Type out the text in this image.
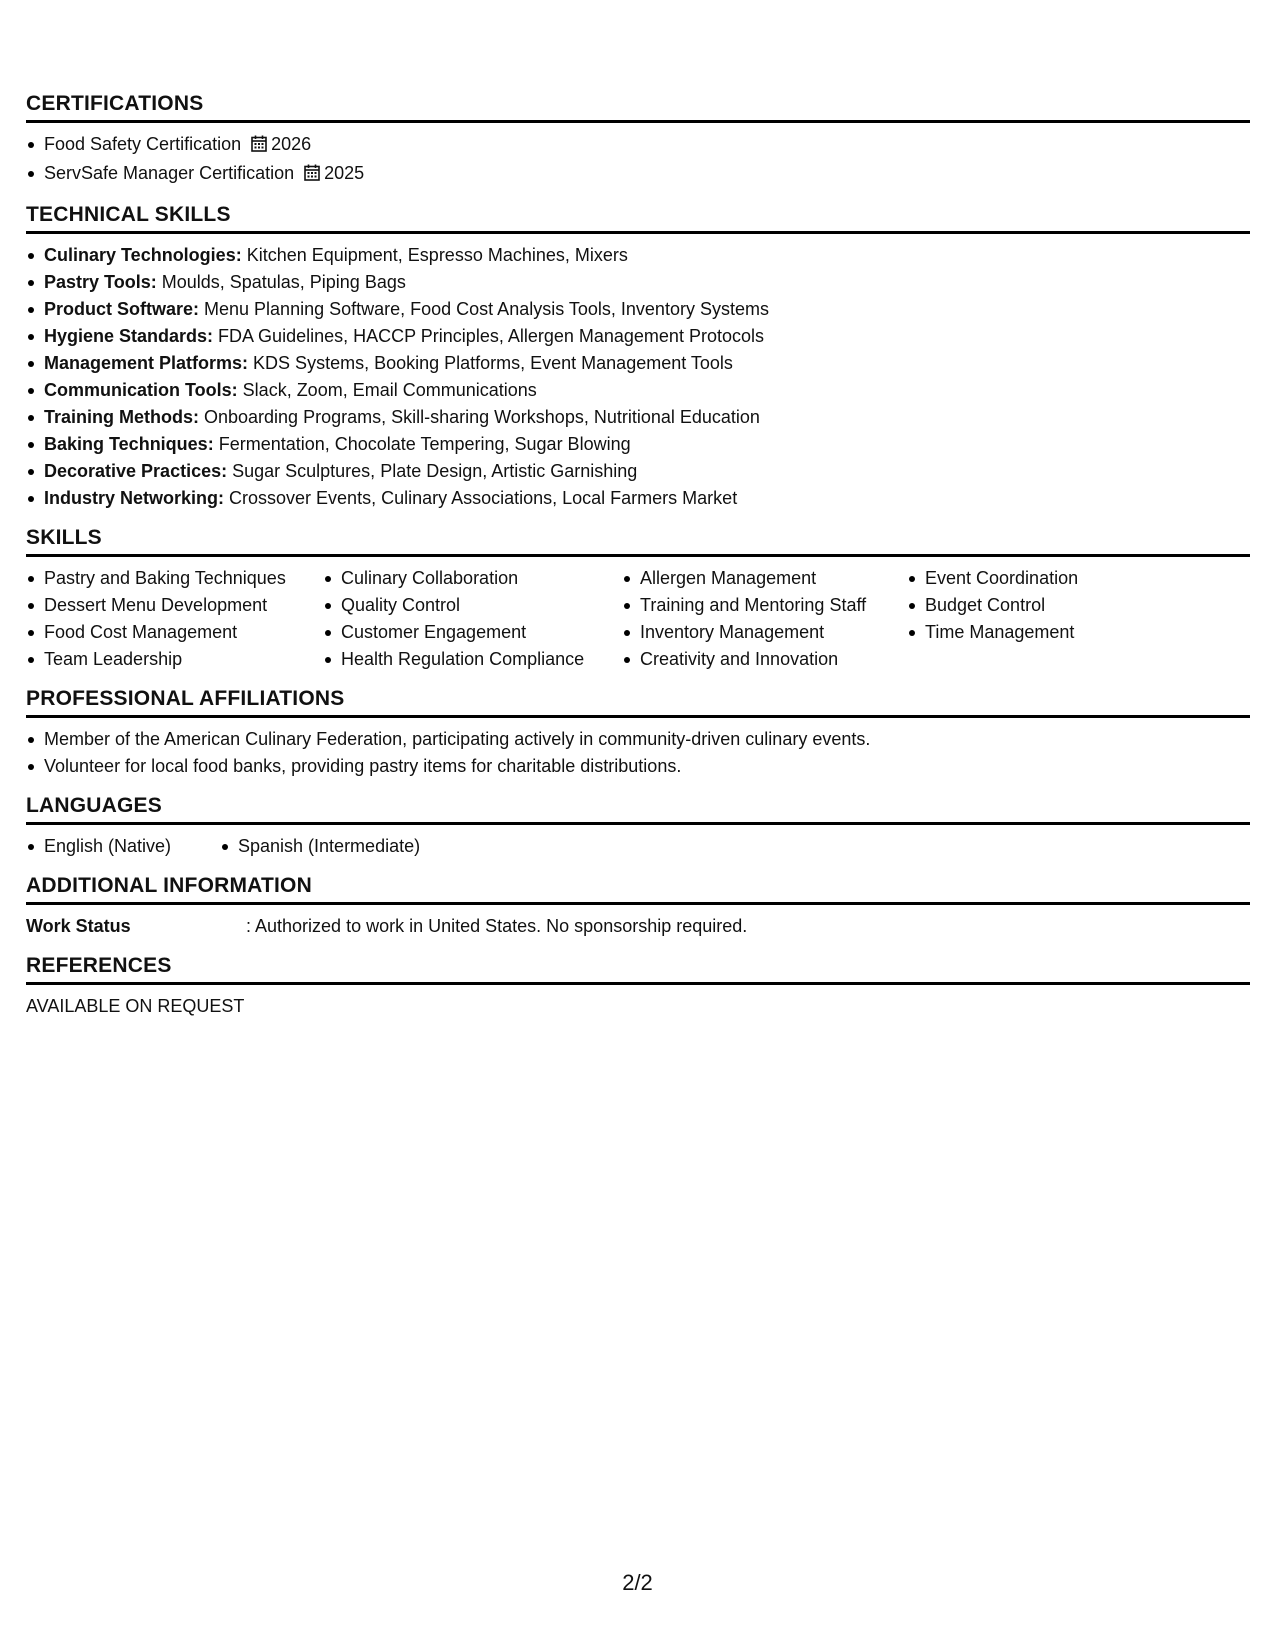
CERTIFICATIONS
Food Safety Certification 2026
ServSafe Manager Certification 2025
TECHNICAL SKILLS
Culinary Technologies: Kitchen Equipment, Espresso Machines, Mixers
Pastry Tools: Moulds, Spatulas, Piping Bags
Product Software: Menu Planning Software, Food Cost Analysis Tools, Inventory Systems
Hygiene Standards: FDA Guidelines, HACCP Principles, Allergen Management Protocols
Management Platforms: KDS Systems, Booking Platforms, Event Management Tools
Communication Tools: Slack, Zoom, Email Communications
Training Methods: Onboarding Programs, Skill-sharing Workshops, Nutritional Education
Baking Techniques: Fermentation, Chocolate Tempering, Sugar Blowing
Decorative Practices: Sugar Sculptures, Plate Design, Artistic Garnishing
Industry Networking: Crossover Events, Culinary Associations, Local Farmers Market
SKILLS
Pastry and Baking Techniques
Dessert Menu Development
Food Cost Management
Team Leadership
Culinary Collaboration
Quality Control
Customer Engagement
Health Regulation Compliance
Allergen Management
Training and Mentoring Staff
Inventory Management
Creativity and Innovation
Event Coordination
Budget Control
Time Management
PROFESSIONAL AFFILIATIONS
Member of the American Culinary Federation, participating actively in community-driven culinary events.
Volunteer for local food banks, providing pastry items for charitable distributions.
LANGUAGES
English (Native)	Spanish (Intermediate)
ADDITIONAL INFORMATION
Work Status	: Authorized to work in United States. No sponsorship required.
REFERENCES
AVAILABLE ON REQUEST
2/2
